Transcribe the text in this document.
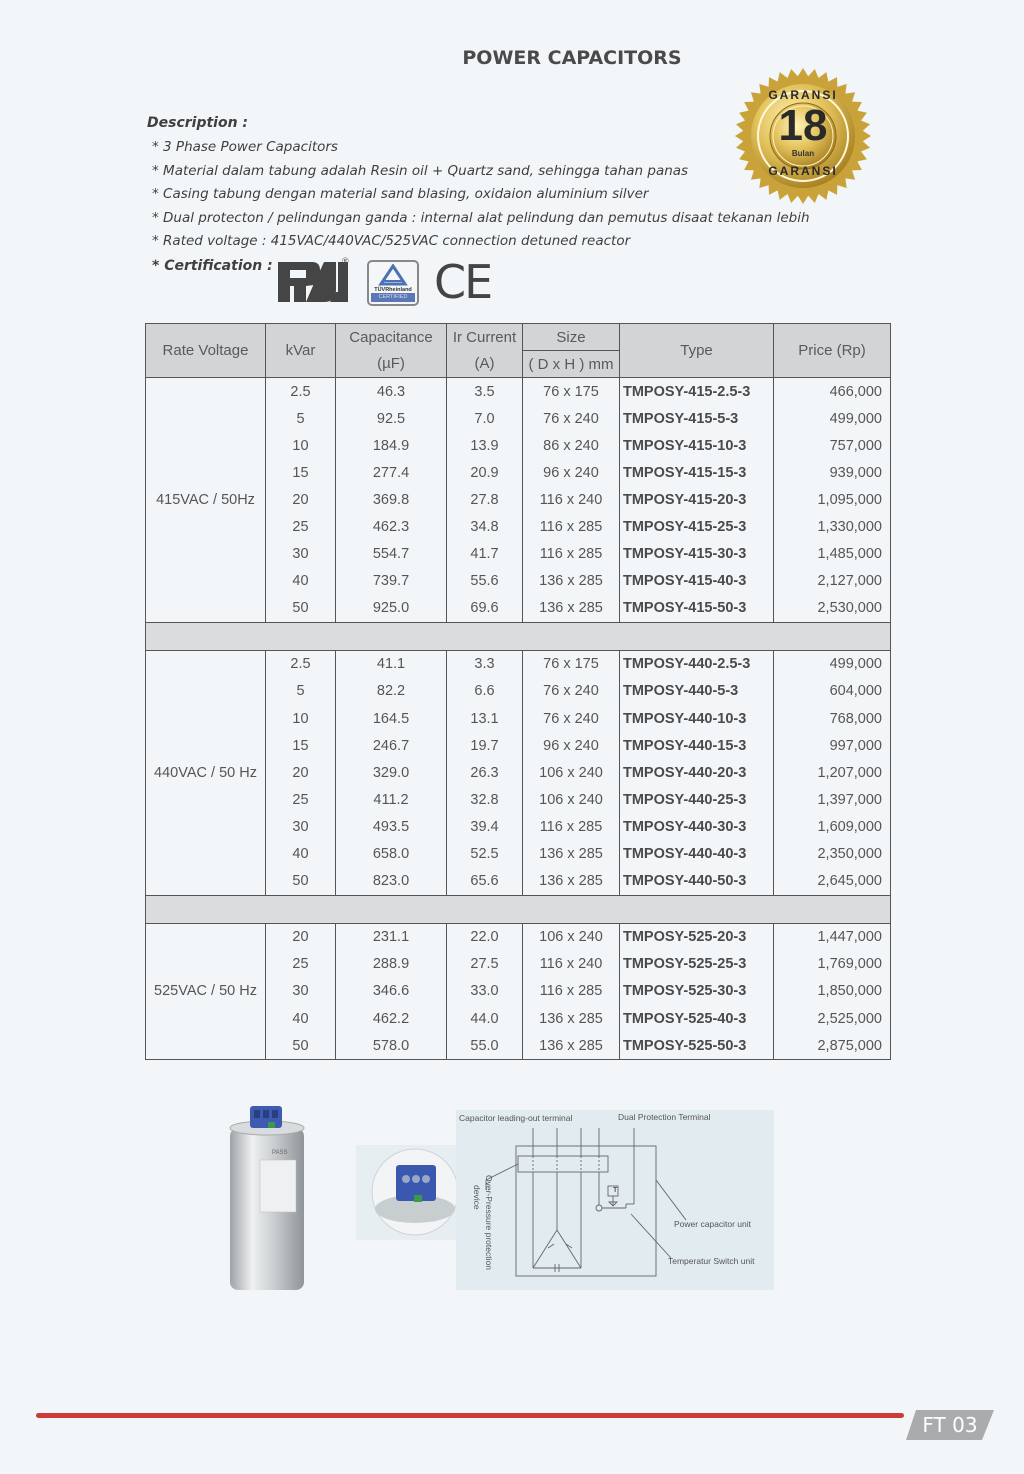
POWER CAPACITORS
Description :
* 3 Phase Power Capacitors
* Material dalam tabung adalah Resin oil + Quartz sand, sehingga tahan panas
* Casing tabung dengan material sand blasing, oxidaion aluminium silver
* Dual protecton / pelindungan ganda : internal alat pelindung dan pemutus disaat tekanan lebih
* Rated voltage : 415VAC/440VAC/525VAC connection detuned reactor
* Certification :	®
TÜVRheinland
CERTIFIED CE
GARANSI
18
Bulan
GARANSI
Rate Voltage	kVar	Capacitance	Ir Current	Size	Type	Price (Rp)
		(µF)	(A)	( D x H ) mm		
415VAC / 50Hz	2.5	46.3	3.5	76 x 175	TMPOSY-415-2.5-3	466,000
	5	92.5	7.0	76 x 240	TMPOSY-415-5-3	499,000
	10	184.9	13.9	86 x 240	TMPOSY-415-10-3	757,000
	15	277.4	20.9	96 x 240	TMPOSY-415-15-3	939,000
	20	369.8	27.8	116 x 240	TMPOSY-415-20-3	1,095,000
	25	462.3	34.8	116 x 285	TMPOSY-415-25-3	1,330,000
	30	554.7	41.7	116 x 285	TMPOSY-415-30-3	1,485,000
	40	739.7	55.6	136 x 285	TMPOSY-415-40-3	2,127,000
	50	925.0	69.6	136 x 285	TMPOSY-415-50-3	2,530,000

440VAC / 50 Hz	2.5	41.1	3.3	76 x 175	TMPOSY-440-2.5-3	499,000
	5	82.2	6.6	76 x 240	TMPOSY-440-5-3	604,000
	10	164.5	13.1	76 x 240	TMPOSY-440-10-3	768,000
	15	246.7	19.7	96 x 240	TMPOSY-440-15-3	997,000
	20	329.0	26.3	106 x 240	TMPOSY-440-20-3	1,207,000
	25	411.2	32.8	106 x 240	TMPOSY-440-25-3	1,397,000
	30	493.5	39.4	116 x 285	TMPOSY-440-30-3	1,609,000
	40	658.0	52.5	136 x 285	TMPOSY-440-40-3	2,350,000
	50	823.0	65.6	136 x 285	TMPOSY-440-50-3	2,645,000

525VAC / 50 Hz	20	231.1	22.0	106 x 240	TMPOSY-525-20-3	1,447,000
	25	288.9	27.5	116 x 240	TMPOSY-525-25-3	1,769,000
	30	346.6	33.0	116 x 285	TMPOSY-525-30-3	1,850,000
	40	462.2	44.0	136 x 285	TMPOSY-525-40-3	2,525,000
	50	578.0	55.0	136 x 285	TMPOSY-525-50-3	2,875,000
PASS
Capacitor leading-out terminal	Dual Protection Terminal
T
Over-Pressure protection
device
Power capacitor unit
Temperatur Switch unit
FT 03
